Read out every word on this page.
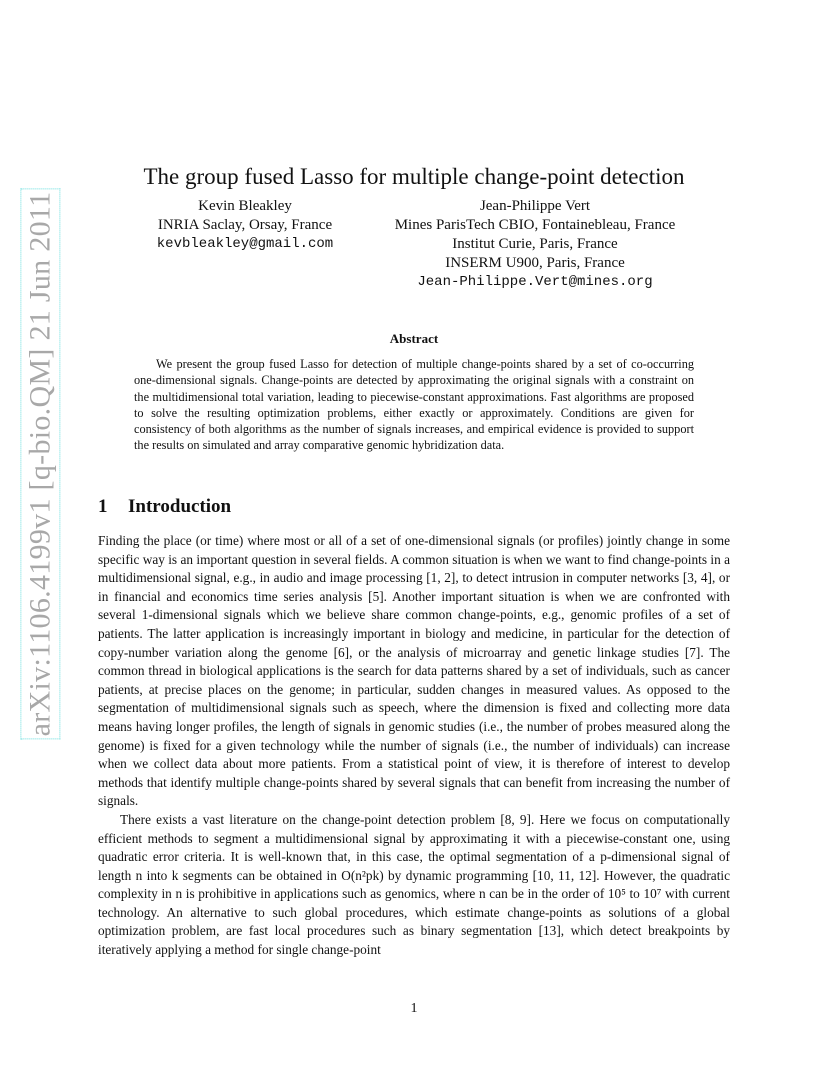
arXiv:1106.4199v1 [q-bio.QM] 21 Jun 2011
The group fused Lasso for multiple change-point detection
Kevin Bleakley
INRIA Saclay, Orsay, France
kevbleakley@gmail.com
Jean-Philippe Vert
Mines ParisTech CBIO, Fontainebleau, France
Institut Curie, Paris, France
INSERM U900, Paris, France
Jean-Philippe.Vert@mines.org
Abstract

We present the group fused Lasso for detection of multiple change-points shared by a set of co-occurring one-dimensional signals. Change-points are detected by approximating the original signals with a constraint on the multidimensional total variation, leading to piecewise-constant approximations. Fast algorithms are proposed to solve the resulting optimization problems, either exactly or approximately. Conditions are given for consistency of both algorithms as the number of signals increases, and empirical evidence is provided to support the results on simulated and array comparative genomic hybridization data.

1 Introduction

Finding the place (or time) where most or all of a set of one-dimensional signals (or profiles) jointly change in some specific way is an important question in several fields. A common situation is when we want to find change-points in a multidimensional signal, e.g., in audio and image processing [1, 2], to detect intrusion in computer networks [3, 4], or in financial and economics time series analysis [5]. Another important situation is when we are confronted with several 1-dimensional signals which we believe share common change-points, e.g., genomic profiles of a set of patients. The latter application is increasingly important in biology and medicine, in particular for the detection of copy-number variation along the genome [6], or the analysis of microarray and genetic linkage studies [7]. The common thread in biological applications is the search for data patterns shared by a set of individuals, such as cancer patients, at precise places on the genome; in particular, sudden changes in measured values. As opposed to the segmentation of multidimensional signals such as speech, where the dimension is fixed and collecting more data means having longer profiles, the length of signals in genomic studies (i.e., the number of probes measured along the genome) is fixed for a given technology while the number of signals (i.e., the number of individuals) can increase when we collect data about more patients. From a statistical point of view, it is therefore of interest to develop methods that identify multiple change-points shared by several signals that can benefit from increasing the number of signals.

There exists a vast literature on the change-point detection problem [8, 9]. Here we focus on computationally efficient methods to segment a multidimensional signal by approximating it with a piecewise-constant one, using quadratic error criteria. It is well-known that, in this case, the optimal segmentation of a p-dimensional signal of length n into k segments can be obtained in O(n²pk) by dynamic programming [10, 11, 12]. However, the quadratic complexity in n is prohibitive in applications such as genomics, where n can be in the order of 10⁵ to 10⁷ with current technology. An alternative to such global procedures, which estimate change-points as solutions of a global optimization problem, are fast local procedures such as binary segmentation [13], which detect breakpoints by iteratively applying a method for single change-point

1
